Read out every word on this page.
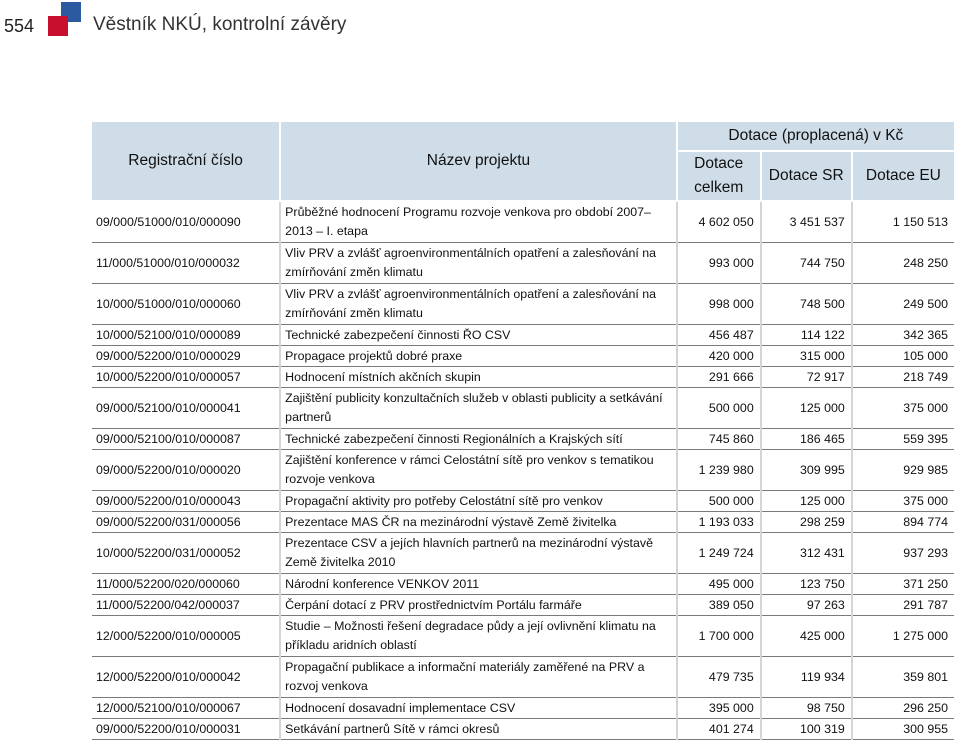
554	Věstník NKÚ, kontrolní závěry
Registrační číslo	Název projektu	Dotace (proplacená) v Kč		
		Dotace celkem	Dotace SR	Dotace EU
09/000/51000/010/000090	Průběžné hodnocení Programu rozvoje venkova pro období 2007–2013 – I. etapa	4 602 050	3 451 537	1 150 513
11/000/51000/010/000032	Vliv PRV a zvlášť agroenvironmentálních opatření a zalesňování na zmírňování změn klimatu	993 000	744 750	248 250
10/000/51000/010/000060	Vliv PRV a zvlášť agroenvironmentálních opatření a zalesňování na zmírňování změn klimatu	998 000	748 500	249 500
10/000/52100/010/000089	Technické zabezpečení činnosti ŘO CSV	456 487	114 122	342 365
09/000/52200/010/000029	Propagace projektů dobré praxe	420 000	315 000	105 000
10/000/52200/010/000057	Hodnocení místních akčních skupin	291 666	72 917	218 749
09/000/52100/010/000041	Zajištění publicity konzultačních služeb v oblasti publicity a setkávání partnerů	500 000	125 000	375 000
09/000/52100/010/000087	Technické zabezpečení činnosti Regionálních a Krajských sítí	745 860	186 465	559 395
09/000/52200/010/000020	Zajištění konference v rámci Celostátní sítě pro venkov s tematikou rozvoje venkova	1 239 980	309 995	929 985
09/000/52200/010/000043	Propagační aktivity pro potřeby Celostátní sítě pro venkov	500 000	125 000	375 000
09/000/52200/031/000056	Prezentace MAS ČR na mezinárodní výstavě Země živitelka	1 193 033	298 259	894 774
10/000/52200/031/000052	Prezentace CSV a jejích hlavních partnerů na mezinárodní výstavě Země živitelka 2010	1 249 724	312 431	937 293
11/000/52200/020/000060	Národní konference VENKOV 2011	495 000	123 750	371 250
11/000/52200/042/000037	Čerpání dotací z PRV prostřednictvím Portálu farmáře	389 050	97 263	291 787
12/000/52200/010/000005	Studie – Možnosti řešení degradace půdy a její ovlivnění klimatu na příkladu aridních oblastí	1 700 000	425 000	1 275 000
12/000/52200/010/000042	Propagační publikace a informační materiály zaměřené na PRV a rozvoj venkova	479 735	119 934	359 801
12/000/52100/010/000067	Hodnocení dosavadní implementace CSV	395 000	98 750	296 250
09/000/52200/010/000031	Setkávání partnerů Sítě v rámci okresů	401 274	100 319	300 955
